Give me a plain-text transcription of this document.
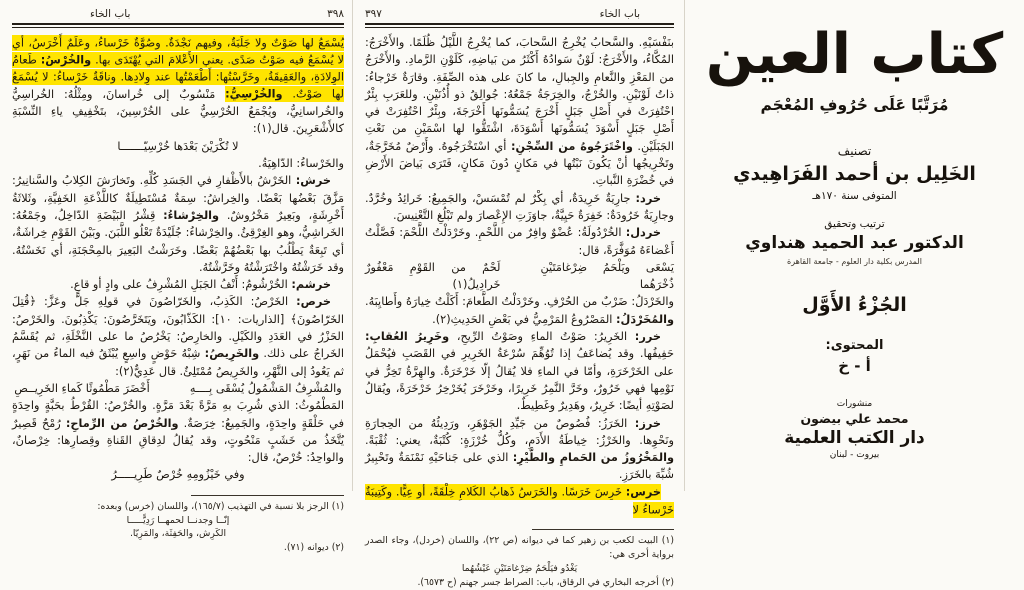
باب الخاء	٣٩٨

يُسْمَعُ لها صَوْتٌ ولا جَلَبَةٌ، وفيهم نَجْدَةٌ. وصُوَّةٌ خَرْساءُ، وعَلَمٌ أَخْرَسُ، أي لا يُسْمَعُ فيه صَوْتُ صَدًى. يعني الأَعْلامَ التي يُهْتَدَى بها. والخُرْسُ: طَعامُ الوِلادَةِ، والعَقِيقَةُ، وخَرَّسْتُها: أَطْعَمْتُها عند وِلادِها. وناقَةٌ خَرْساءُ: لا يُسْمَعُ لها صَوْتٌ. والخُرْسِيُّ: مَنْسُوبٌ إلى خُراسانَ، ومِثْلُهُ: الخُراسِيُّ والخُراسانِيُّ، ويُجْمَعُ الخُرْسِيُّ على الخُرْسِينَ، بتَخْفِيفِ ياءِ النِّسْبَةِ كالأَشْعَرِينَ. قال(١):

لا تُكْرَيْنَ بَعْدَها خُرْسِيّـــــــا

والخَرْساءُ: الدّاهِيَةُ.

خرش: الخَرْشُ بالأَظْفارِ في الجَسَدِ كُلِّهِ. وتَخارَشَ الكِلابُ والسَّنانِيرُ: مَزَّقَ بَعْضُها بَعْضًا. والخِراشُ: سِمَةٌ مُسْتَطِيلَةٌ كاللَّذْعَةِ الخَفِيَّةِ، وثَلاثَةُ أَخْرِشَةٍ، وبَعِيرٌ مَخْرُوشٌ. والخِرْشاءُ: قِشْرُ البَيْضَةِ الدّاخِلُ، وجَمْعُهُ: الخَراشِيُّ، وهو الغِرْقِئُ. والخِرْشاءُ: جُلَيْدَةٌ تَعْلُو اللَّبَنَ. وبَيْنَ القَوْمِ خِراشَةٌ، أي تَبِعَةٌ يَطْلُبُ بها بَعْضُهُمْ بَعْضًا. وخَرَشْتُ البَعِيرَ بالمِحْجَنَةِ، أي نَخَسْتُهُ. وقد خَرَشْتُهُ واخْتَرَشْتُهُ وخَرَّشْتُهُ.

خرشم: الخُرْشُومُ: أَنْفُ الجَبَلِ المُشْرِفُ على وادٍ أو قاعٍ.

خرص: الخَرْصُ: الكَذِبُ، والخَرّاصُونَ في قولِهِ جَلَّ وعَزَّ: ﴿قُتِلَ الخَرّاصُونَ﴾ [الذاريات: ١٠]: الكَذّابُونَ، ويَتَخَرَّصُونَ: يَكْذِبُونَ. والخَرْصُ: الحَزْرُ في العَدَدِ والكَيْلِ. والخارِصُ: يَخْرُصُ ما على النَّخْلَةِ، ثم يُقَسَّمُ الخَراجُ على ذلك. والخَرِيصُ: شِبْهُ حَوْضٍ واسِعٍ يُبْثَقُ فيه الماءُ من نَهَرٍ، ثم يَعُودُ إلى النَّهْرِ، والخَرِيصُ مُمْتَلِئٌ. قال عَدِيٌّ(٢):

والمُشْرِفُ المَشْمُولُ يُسْقَى بِــــهِ
أَخْضَرَ مَطْمُوثًا كَماءِ الخَرِيــصِ

المَطْمُوثُ: الذي شُرِبَ بهِ مَرَّةً بَعْدَ مَرَّةٍ. والخُرْصُ: القُرْطُ بحَبَّةٍ واحِدَةٍ في حَلْقَةٍ واحِدَةٍ، والجَمِيعُ: خِرَصَةٌ. والخُرْصُ من الرِّماحِ: رُمْحٌ قَصِيرٌ يُتَّخَذُ من خَشَبٍ مَنْحُوتٍ، وقد يُقالُ لدِقاقِ القَناةِ وقِصارِها: خِرْصانٌ، والواحِدُ: خُرْصٌ، قال:

وفي خَيْزُومِهِ خُرْصٌ طَرِيـــــرُ

(١) الرجز بلا نسبة في التهذيب (١٦٥/٧)، واللسان (خرس) وبعده:

إنّــا وجدنــا لحمهــا رَدِيًّـــــا

الكَرِش، والحَفِثَة، والمَرِيّا.

(٢) ديوانه (٧١).

٣٩٧	باب الخاء

بنَفْسَيْهِ. والسَّحابُ يُخْرِجُ السَّحابَ، كما يُخْرِجُ اللَّيْلُ ظُلَمًا. والأَخْرَجُ: المُكَّاءُ، والأَخْرَجُ: لَوْنٌ سَوادُهُ أَكْثَرُ من بَياضِهِ، كَلَوْنِ الرَّمادِ. والأَخْرَجُ من المَعْزِ والنَّعامِ والجِبالِ، ما كانَ على هذه الصِّفَةِ. وقارَةٌ خَرْجاءُ: ذاتُ لَوْنَيْنِ. والخُرْجُ، والخِرَجَةُ جَمْعُهُ: جُوالِقُ ذو أُذُنَيْنِ. وللعَرَبِ بِئْرٌ احْتُفِرَتْ في أَصْلِ جَبَلٍ أَخْرَجَ يُسَمُّونَها أَخْرَجَةَ، وبِئْرٌ احْتُفِرَتْ في أَصْلِ جَبَلٍ أَسْوَدَ يُسَمُّونَها أَسْوَدَةَ، اشْتَقُّوا لها اسْمَيْنِ من نَعْتِ الجَبَلَيْنِ. واخْتَرَجُوهُ من السِّجْنِ: أي اسْتَخْرَجُوهُ. وأَرْضٌ مُخَرَّجَةٌ، وتَخْرِيجُها أنْ يَكُونَ نَبْتُها في مَكانٍ دُونَ مَكانٍ، فَتَرَى بَياضَ الأَرْضِ في خُضْرَةِ النَّباتِ.

خرد: جارِيَةٌ خَرِيدَةٌ، أي بِكْرٌ لم تُمْسَسْ، والجَمِيعُ: خَرائِدُ وخُرَّدٌ. وجارِيَةٌ خَرُودَةٌ: خَفِرَةٌ حَيِيَّةٌ، جاوَزَتِ الإِعْصارَ ولم تَبْلُغِ التَّعْنِيسَ.

خردل: الخُرْدُولَةُ: عُضْوٌ وافِرٌ من اللَّحْمِ. وخَرْدَلْتُ اللَّحْمَ: فَصَّلْتُ أَعْضاءَهُ مُوَفَّرَةً، قال:

يَسْعَى ويَلْحَمُ ضِرْغامَتَيْنِ ذُخْرَهُما
لَحْمٌ من القَوْمِ مَعْفُورٌ خَرادِيلُ(١)

والخَرْدَلُ: ضَرْبٌ من الحُرْفِ. وخَرْدَلْتُ الطَّعامَ: أَكَلْتُ خِيارَهُ وأَطايِبَهُ. والمُخَرْدَلُ: المَصْرُوعُ المَرْمِيُّ في بَعْضِ الحَدِيثِ(٢).

خرر: الخَرِيرُ: صَوْتُ الماءِ وصَوْتُ الرِّيحِ، وخَرِيرُ العُقابِ: حَفِيفُها. وقد يُضاعَفُ إذا تُوُهِّمَ سُرْعَةُ الخَرِيرِ في القَصَبِ فيُحْمَلُ على الخَرْخَرَةِ، وأمّا في الماءِ فلا يُقالُ إلّا خَرْخَرَةٌ. والهِرَّةُ تَخِرُّ في نَوْمِها فهي خَرُورٌ، وخَرَّ النَّمِرُ خَرِيرًا، وخَرْخَرَ يُخَرْخِرُ خَرْخَرَةً، ويُقالُ لصَوْتِهِ أيضًا: خَرِيرٌ، وهَدِيرٌ وغَطِيطٌ.

خرز: الخَرَزُ: فُصُوصٌ من جَيِّدِ الجَوْهَرِ، ورَدِيئُهُ من الحِجارَةِ ونَحْوِها. والخَرْزُ: خِياطَةُ الأَدَمِ، وكُلُّ خُرْزَةٍ: كُتْبَةٌ، يعني: ثُقْبَةً. والمَخْرُوزُ من الحَمامِ والطَّيْرِ: الذي على جَناحَيْهِ نَمْنَمَةٌ وتَحْبِيرٌ شُبِّهَ بالخَرَزِ.

خرس: خَرِسَ خَرَسًا. والخَرَسُ ذَهابُ الكَلامِ خِلْقَةً، أو عِيًّا. وكَتِيبَةٌ خَرْساءُ لا

(١) البيت لكعب بن زهير كما في ديوانه (ص ٢٢)، واللسان (خردل)، وجاء الصدر برواية أخرى هي:

يَغْدُو فيَلْحَمُ ضِرْغامَتَيْنِ عَيْشُهُما

(٢) أخرجه البخاري في الرقاق، باب: الصراط جسر جهنم (ح ٦٥٧٣).

كتاب العين
مُرَتَّبًا عَلَى حُرُوفِ المُعْجَم
تصنيف
الخَلِيل بن أحمد الفَرَاهِيدي
المتوفى سنة ١٧٠هـ
ترتيب وتحقيق
الدكتور عبد الحميد هنداوي
المدرس بكلية دار العلوم - جامعة القاهرة
الجُزْءُ الأَوَّل
المحتوى:
أ - خ
منشورات
محمد علي بيضون
دار الكتب العلمية
بيروت - لبنان
